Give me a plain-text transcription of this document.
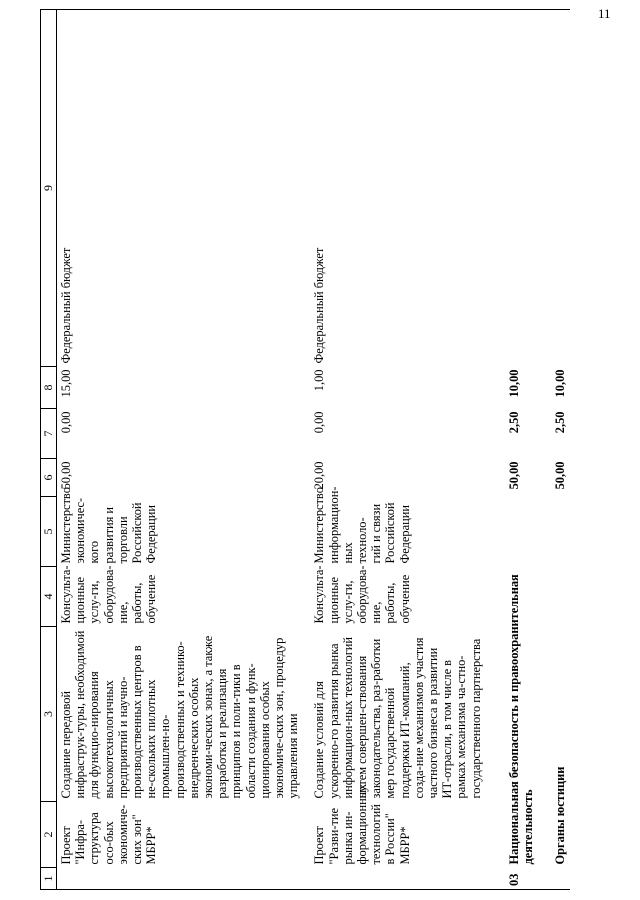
11
1	2	3	4	5	6	7	8	9
	Проект "Инфра-структура осо-бых экономиче-ских зон" МБРР*	Создание передовой инфраструк-туры, необходимой для функцио-нирования высокотехнологичных предприятий и научно-производственных центров в не-скольких пилотных промышлен-но-производственных и технико-внедренческих особых экономи-ческих зонах, а также разработка и реализация принципов и поли-тики в области создания и функ-ционирования особых экономиче-ских зон, процедур управления ими	Консульта-ционные услу-ги, оборудова-ние, работы, обучение	Министерство экономичес-кого развития и торговли Российской Федерации	50,00	0,00	15,00	Федеральный бюджет
	Проект "Разви-тие рынка ин-формационных технологий в России" МБРР*	Создание условий для ускоренно-го развития рынка информацион-ных технологий путем совершен-ствования законодательства, раз-работки мер государственной поддержки ИТ-компаний, созда-ние механизмов участия частного бизнеса в развитии ИТ-отрасли, в том числе в рамках механизма ча-стно-государственного партнерства	Консульта-ционные услу-ги, оборудова-ние, работы, обучение	Министерство информацион-ных техноло-гий и связи Российской Федерации	20,00	0,00	1,00	Федеральный бюджет
03	Национальная безопасность и правоохранительная деятельность				50,00	2,50	10,00	
	Органы юстиции				50,00	2,50	10,00	
